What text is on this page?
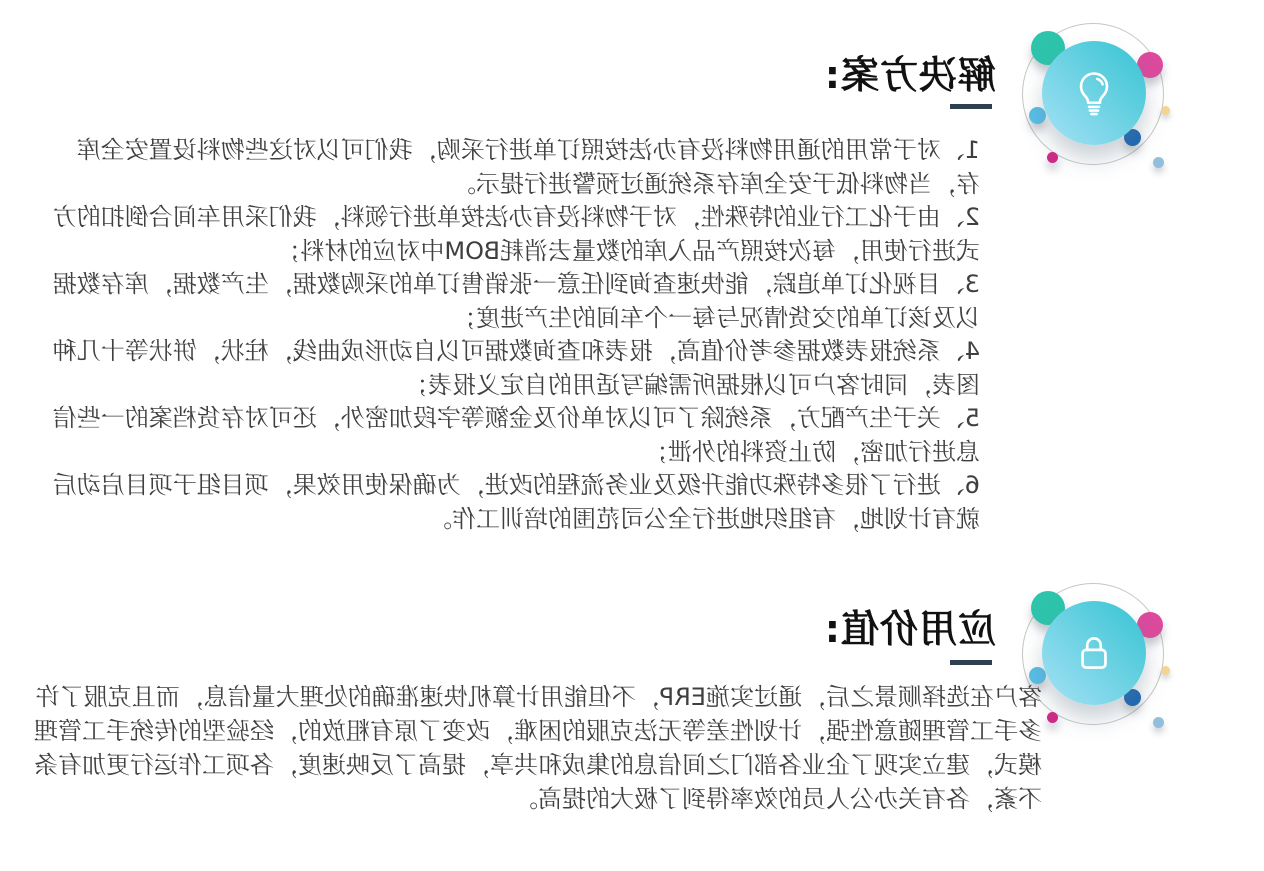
解决方案:

1、对于常用的通用物料没有办法按照订单进行采购，我们可以对这些物料设置安全库存，当物料低于安全库存系统通过预警进行提示。

2、由于化工行业的特殊性，对于物料没有办法按单进行领料，我们采用车间合倒扣的方式进行使用，每次按照产品入库的数量去消耗BOM中对应的材料；

3、目视化订单追踪，能快速查询到任意一张销售订单的采购数据，生产数据，库存数据以及该订单的交货情况与每一个车间的生产进度；

4、系统报表数据参考价值高，报表和查询数据可以自动形成曲线，柱状，饼状等十几种图表，同时客户可以根据所需编写适用的自定义报表；

5、关于生产配方，系统除了可以对单价及金额等字段加密外，还可对存货档案的一些信息进行加密，防止资料的外泄；

6、进行了很多特殊功能升级及业务流程的改进，为确保使用效果，项目组于项目启动后就有计划地，有组织地进行全公司范围的培训工作。

应用价值:

客户在选择顺景之后，通过实施ERP，不但能用计算机快速准确的处理大量信息，而且克服了许多手工管理随意性强，计划性差等无法克服的困难，改变了原有粗放的，经验型的传统手工管理模式，建立实现了企业各部门之间信息的集成和共享，提高了反映速度，各项工作运行更加有条不紊，各有关办公人员的效率得到了极大的提高。
